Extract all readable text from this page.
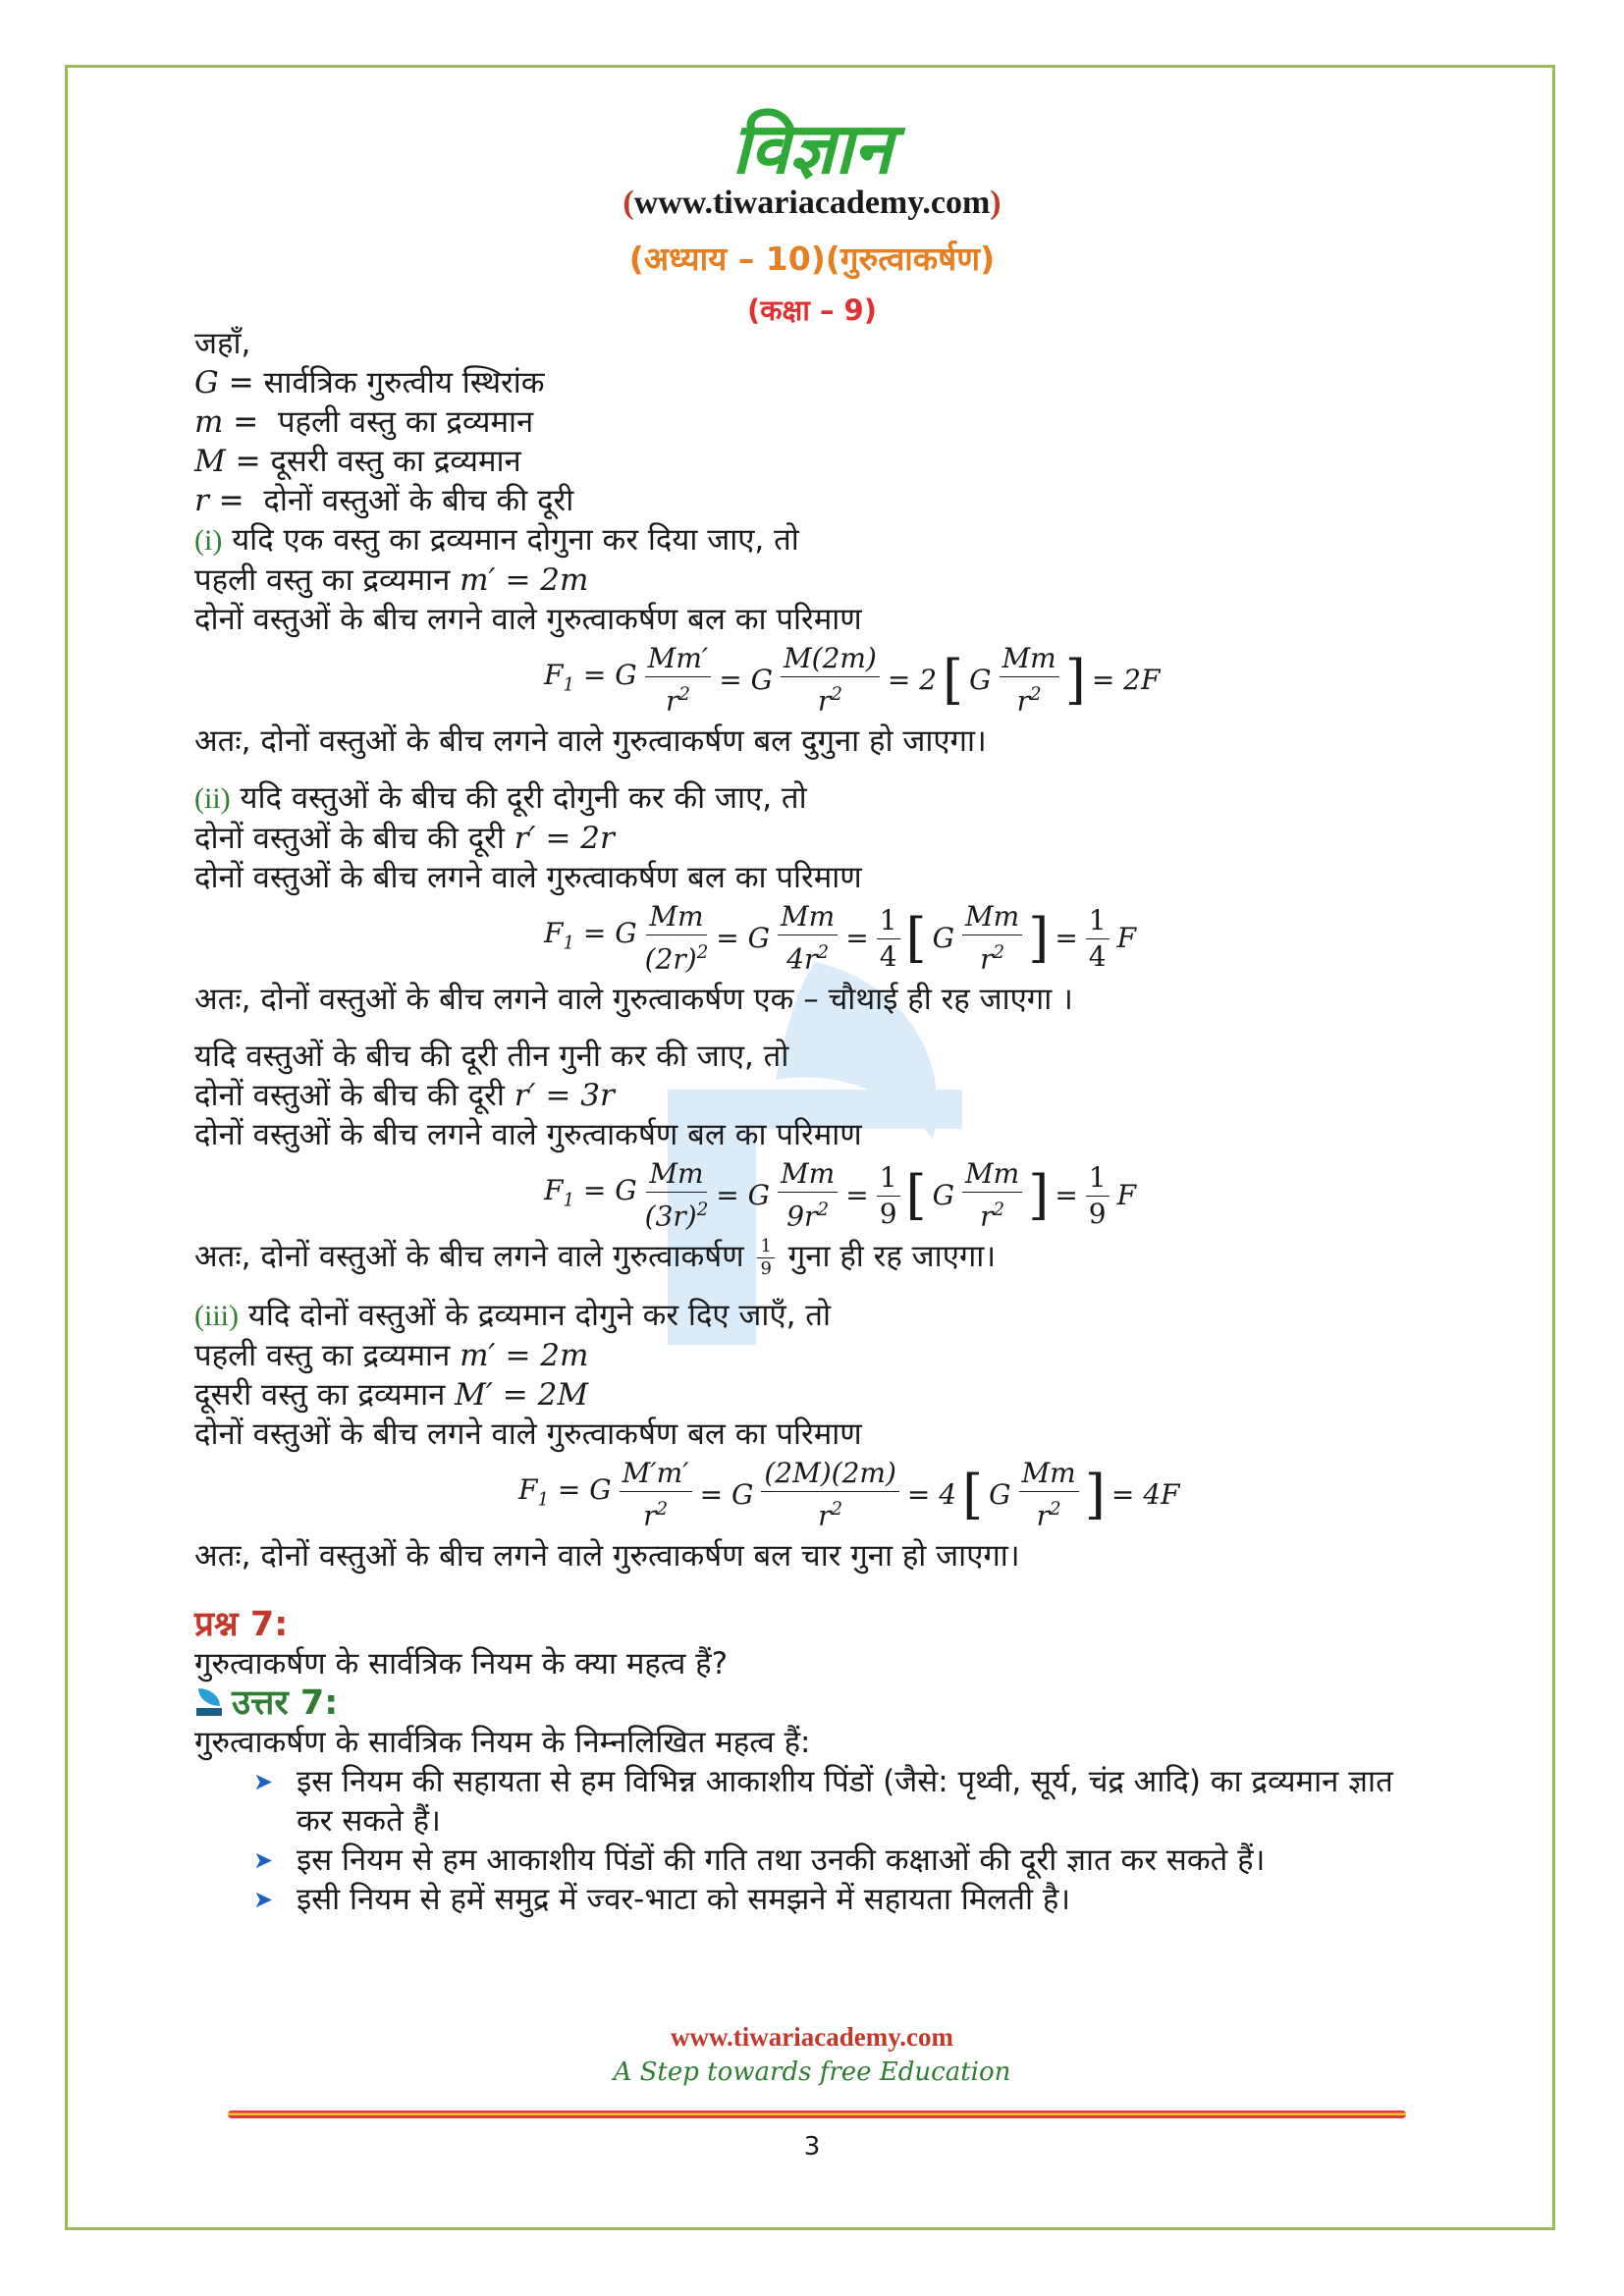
विज्ञान
(www.tiwariacademy.com)
(अध्याय – 10)(गुरुत्वाकर्षण)
(कक्षा – 9)
जहाँ,
G = सार्वत्रिक गुरुत्वीय स्थिरांक
m =  पहली वस्तु का द्रव्यमान
M = दूसरी वस्तु का द्रव्यमान
r =  दोनों वस्तुओं के बीच की दूरी
(i) यदि एक वस्तु का द्रव्यमान दोगुना कर दिया जाए, तो
पहली वस्तु का द्रव्यमान m′ = 2m
दोनों वस्तुओं के बीच लगने वाले गुरुत्वाकर्षण बल का परिमाण
$F_1 = G \frac{Mm'}{r^2} = G \frac{M(2m)}{r^2} = 2$ [ G $\frac{Mm}{r^2}$ ] = 2F
अतः, दोनों वस्तुओं के बीच लगने वाले गुरुत्वाकर्षण बल दुगुना हो जाएगा।
(ii) यदि वस्तुओं के बीच की दूरी दोगुनी कर की जाए, तो
दोनों वस्तुओं के बीच की दूरी r′ = 2r
दोनों वस्तुओं के बीच लगने वाले गुरुत्वाकर्षण बल का परिमाण
$F_1 = G \frac{Mm}{(2r)^2} = G \frac{Mm}{4r^2} = \frac{1}{4}$ [ G $\frac{Mm}{r^2}$ ] = $\frac{1}{4}$ F
अतः, दोनों वस्तुओं के बीच लगने वाले गुरुत्वाकर्षण एक – चौथाई ही रह जाएगा ।
यदि वस्तुओं के बीच की दूरी तीन गुनी कर की जाए, तो
दोनों वस्तुओं के बीच की दूरी r′ = 3r
दोनों वस्तुओं के बीच लगने वाले गुरुत्वाकर्षण बल का परिमाण
$F_1 = G \frac{Mm}{(3r)^2} = G \frac{Mm}{9r^2} = \frac{1}{9}$ [ G $\frac{Mm}{r^2}$ ] = $\frac{1}{9}$ F
अतः, दोनों वस्तुओं के बीच लगने वाले गुरुत्वाकर्षण $\frac{1}{9}$ गुना ही रह जाएगा।
(iii) यदि दोनों वस्तुओं के द्रव्यमान दोगुने कर दिए जाएँ, तो
पहली वस्तु का द्रव्यमान m′ = 2m
दूसरी वस्तु का द्रव्यमान M′ = 2M
दोनों वस्तुओं के बीच लगने वाले गुरुत्वाकर्षण बल का परिमाण
$F_1 = G \frac{M'm'}{r^2} = G \frac{(2M)(2m)}{r^2} = 4$ [ G $\frac{Mm}{r^2}$ ] = 4F
अतः, दोनों वस्तुओं के बीच लगने वाले गुरुत्वाकर्षण बल चार गुना हो जाएगा।
प्रश्न 7:
गुरुत्वाकर्षण के सार्वत्रिक नियम के क्या महत्व हैं?
उत्तर 7:
गुरुत्वाकर्षण के सार्वत्रिक नियम के निम्नलिखित महत्व हैं:
➤ इस नियम की सहायता से हम विभिन्न आकाशीय पिंडों (जैसे: पृथ्वी, सूर्य, चंद्र आदि) का द्रव्यमान ज्ञात
कर सकते हैं।
➤ इस नियम से हम आकाशीय पिंडों की गति तथा उनकी कक्षाओं की दूरी ज्ञात कर सकते हैं।
➤ इसी नियम से हमें समुद्र में ज्वर-भाटा को समझने में सहायता मिलती है।
www.tiwariacademy.com
A Step towards free Education
3
